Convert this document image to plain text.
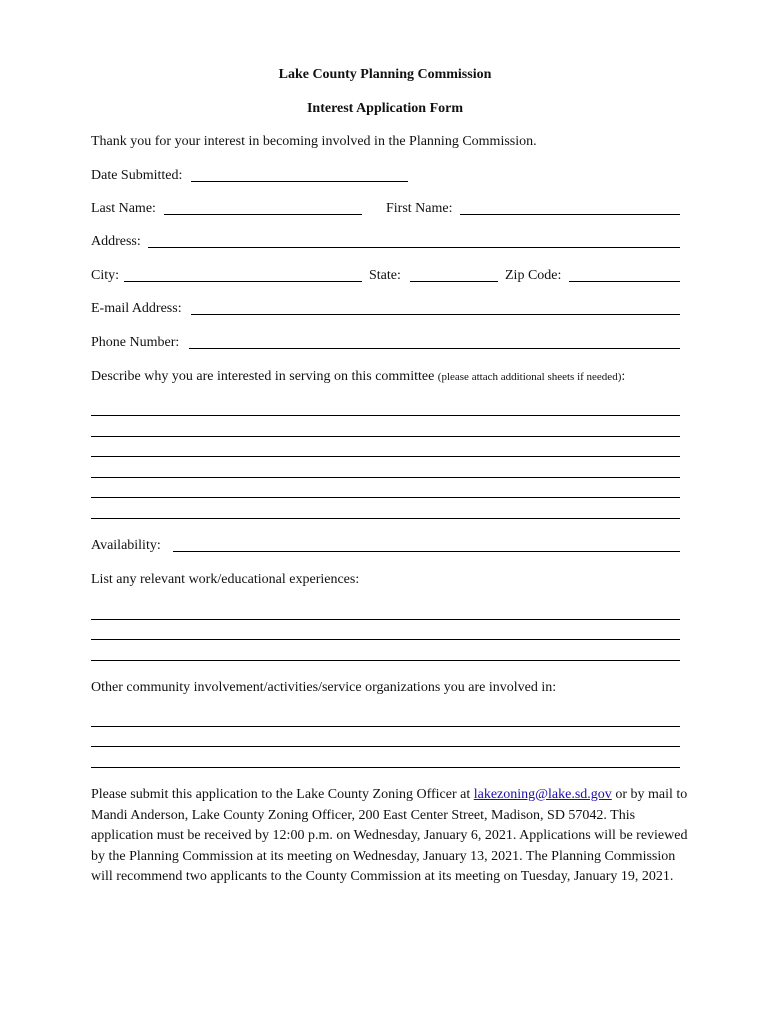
Lake County Planning Commission
Interest Application Form
Thank you for your interest in becoming involved in the Planning Commission.
Date Submitted:
Last Name:	First Name:
Address:
City:	State:	Zip Code:
E-mail Address:
Phone Number:
Describe why you are interested in serving on this committee (please attach additional sheets if needed):
Availability:
List any relevant work/educational experiences:
Other community involvement/activities/service organizations you are involved in:
Please submit this application to the Lake County Zoning Officer at lakezoning@lake.sd.gov or by mail to Mandi Anderson, Lake County Zoning Officer, 200 East Center Street, Madison, SD 57042. This application must be received by 12:00 p.m. on Wednesday, January 6, 2021. Applications will be reviewed by the Planning Commission at its meeting on Wednesday, January 13, 2021. The Planning Commission will recommend two applicants to the County Commission at its meeting on Tuesday, January 19, 2021.
